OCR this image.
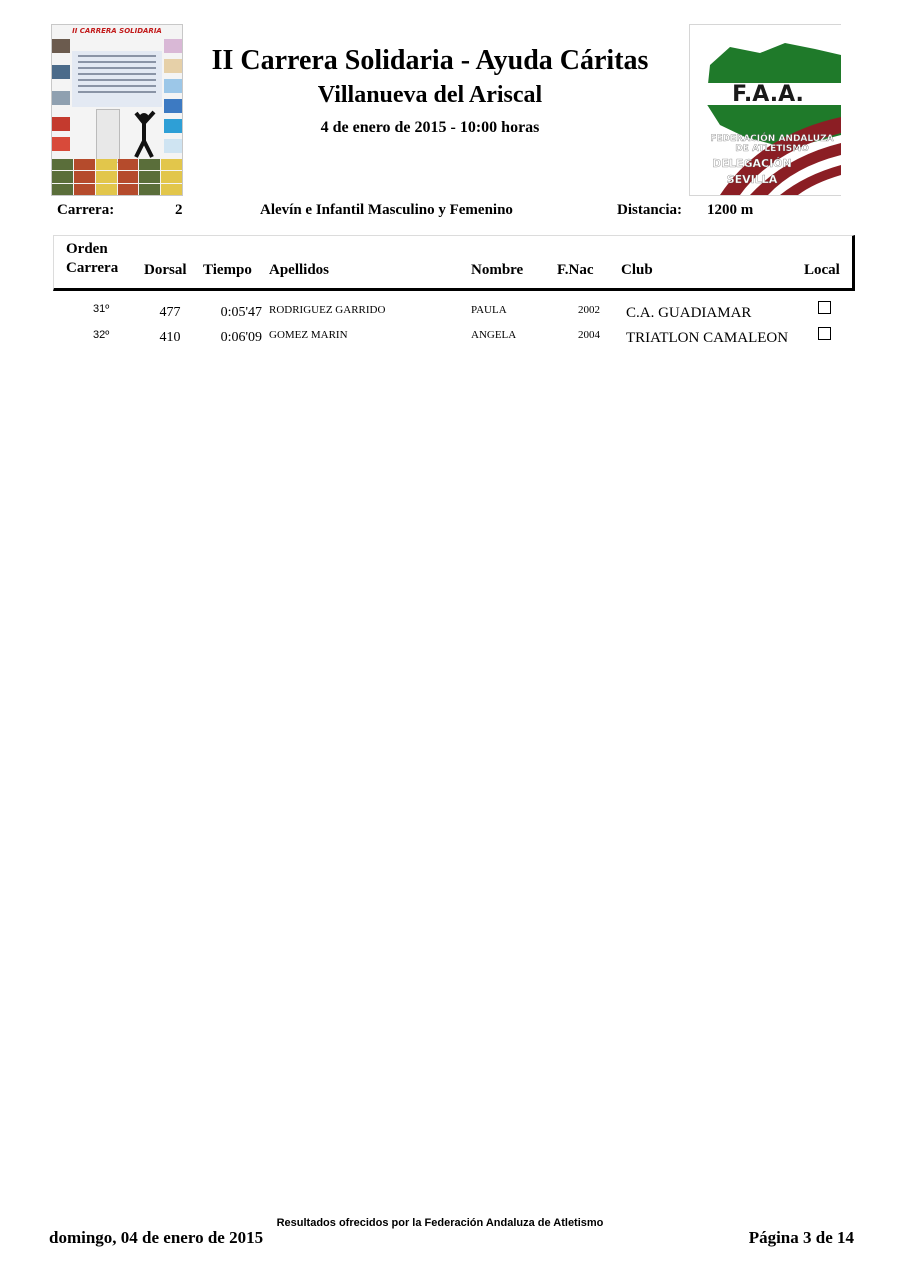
II CARRERA SOLIDARIA
II Carrera Solidaria - Ayuda Cáritas
Villanueva del Ariscal
4 de enero de 2015 - 10:00 horas
F.A.A.
FEDERACIÓN ANDALUZA
DE ATLETISMO
DELEGACIÓN
SEVILLA
Carrera:	2	Alevín e Infantil Masculino y Femenino	Distancia: 1200 m
Orden
Carrera Dorsal Tiempo Apellidos	Nombre F.Nac Club	Local
31º	477	0:05'47 RODRIGUEZ GARRIDO	PAULA	2002 C.A. GUADIAMAR
32º	410	0:06'09 GOMEZ MARIN	ANGELA	2004 TRIATLON CAMALEON
Resultados ofrecidos por la Federación Andaluza de Atletismo
domingo, 04 de enero de 2015	Página 3 de 14
